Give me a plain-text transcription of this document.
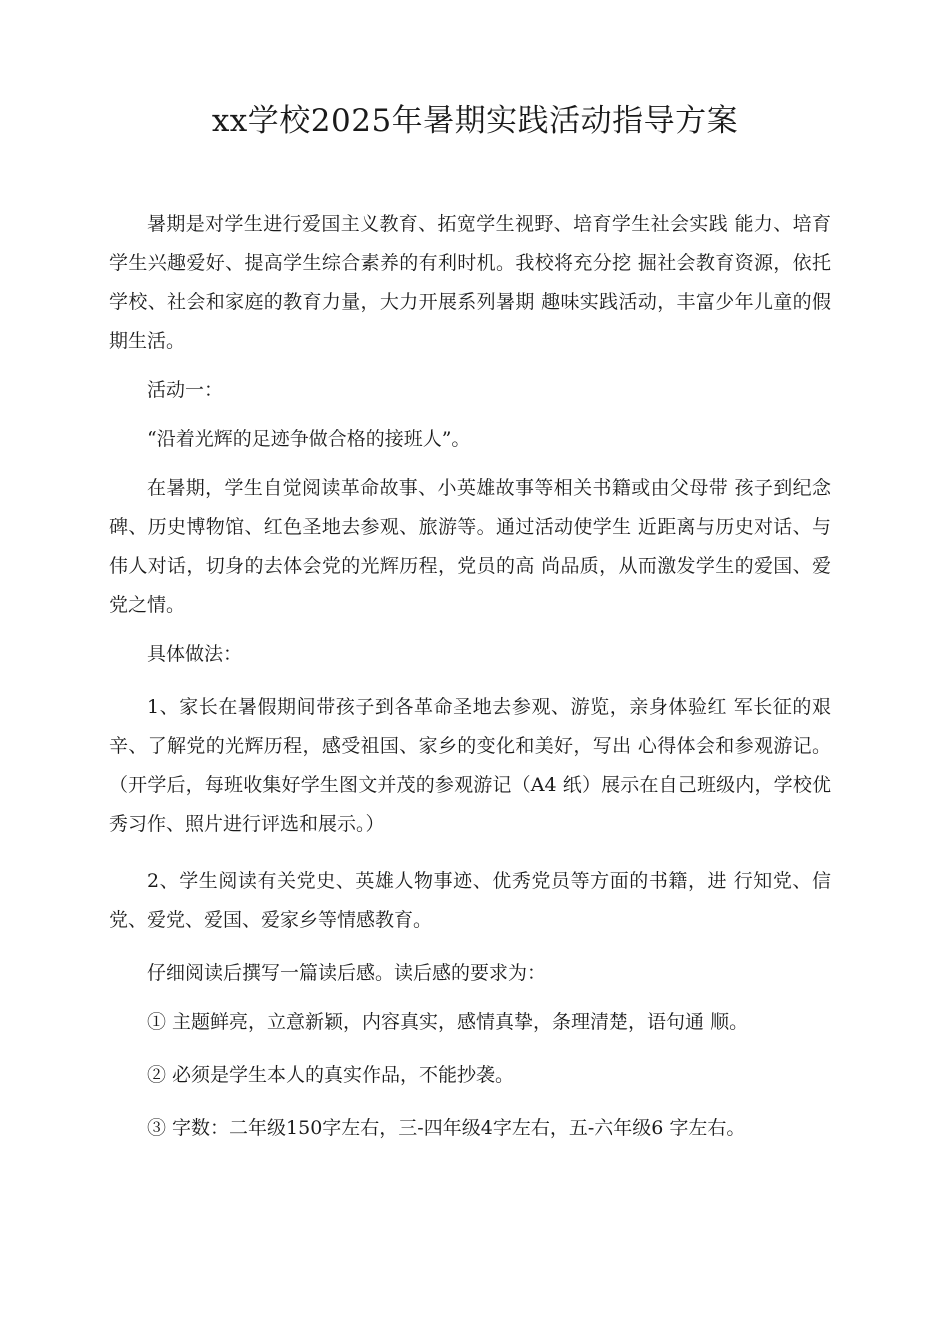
xx学校2025年暑期实践活动指导方案

暑期是对学生进行爱国主义教育、拓宽学生视野、培育学生社会实践 能力、培育学生兴趣爱好、提高学生综合素养的有利时机。我校将充分挖 掘社会教育资源，依托学校、社会和家庭的教育力量，大力开展系列暑期 趣味实践活动，丰富少年儿童的假期生活。

活动一：

“沿着光辉的足迹争做合格的接班人”。

在暑期，学生自觉阅读革命故事、小英雄故事等相关书籍或由父母带 孩子到纪念碑、历史博物馆、红色圣地去参观、旅游等。通过活动使学生 近距离与历史对话、与伟人对话，切身的去体会党的光辉历程，党员的高 尚品质，从而激发学生的爱国、爱党之情。

具体做法：

1、家长在暑假期间带孩子到各革命圣地去参观、游览，亲身体验红 军长征的艰辛、了解党的光辉历程，感受祖国、家乡的变化和美好，写出 心得体会和参观游记。（开学后，每班收集好学生图文并茂的参观游记（A4 纸）展示在自己班级内，学校优秀习作、照片进行评选和展示。）

2、学生阅读有关党史、英雄人物事迹、优秀党员等方面的书籍，进 行知党、信党、爱党、爱国、爱家乡等情感教育。

仔细阅读后撰写一篇读后感。读后感的要求为：

① 主题鲜亮，立意新颖，内容真实，感情真挚，条理清楚，语句通 顺。

② 必须是学生本人的真实作品，不能抄袭。

③ 字数：二年级150字左右，三-四年级4字左右，五-六年级6 字左右。
